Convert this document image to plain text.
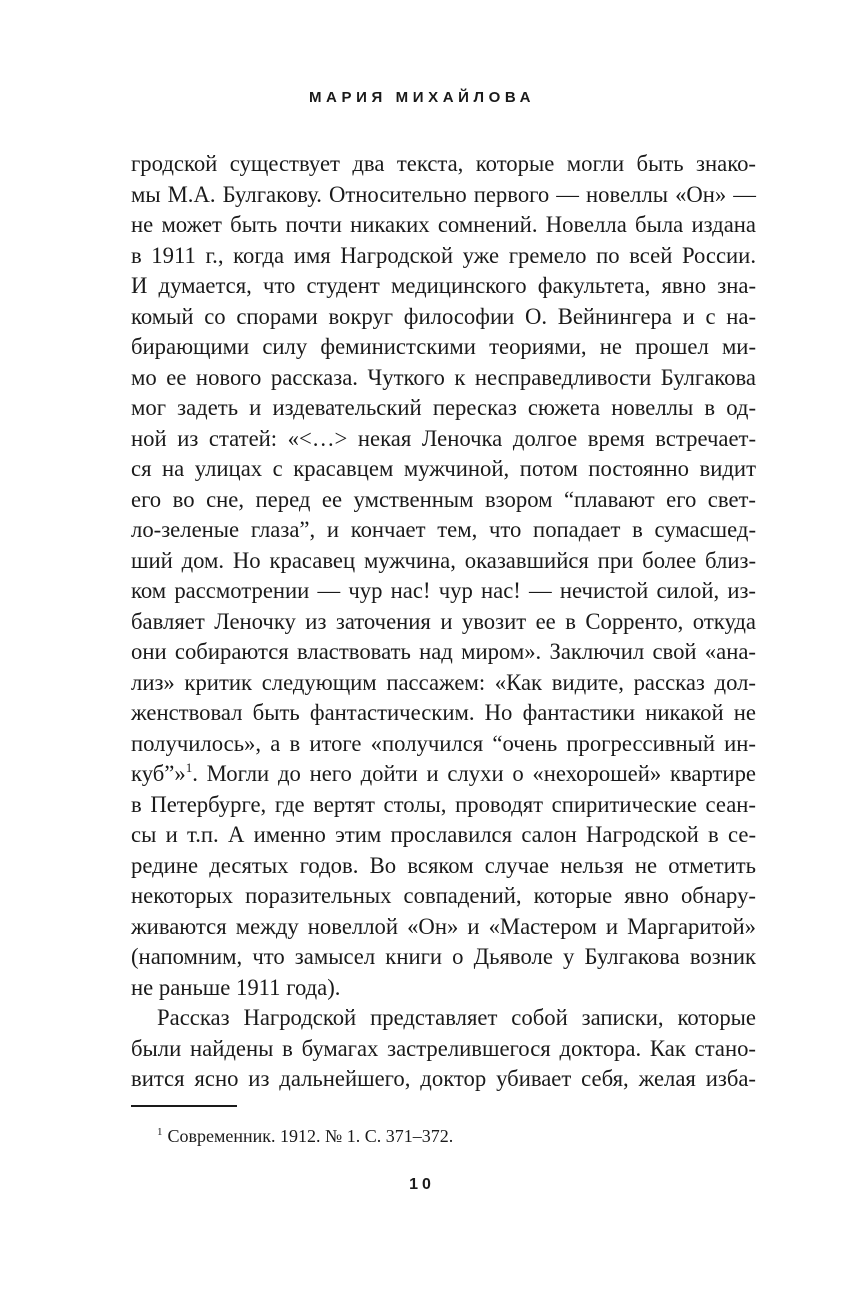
МАРИЯ МИХАЙЛОВА
гродской существует два текста, которые могли быть знако-
мы М.А. Булгакову. Относительно первого — новеллы «Он» —
не может быть почти никаких сомнений. Новелла была издана
в 1911 г., когда имя Нагродской уже гремело по всей России.
И думается, что студент медицинского факультета, явно зна-
комый со спорами вокруг философии О. Вейнингера и с на-
бирающими силу феминистскими теориями, не прошел ми-
мо ее нового рассказа. Чуткого к несправедливости Булгакова
мог задеть и издевательский пересказ сюжета новеллы в од-
ной из статей: «<…> некая Леночка долгое время встречает-
ся на улицах с красавцем мужчиной, потом постоянно видит
его во сне, перед ее умственным взором “плавают его свет-
ло-зеленые глаза”, и кончает тем, что попадает в сумасшед-
ший дом. Но красавец мужчина, оказавшийся при более близ-
ком рассмотрении — чур нас! чур нас! — нечистой силой, из-
бавляет Леночку из заточения и увозит ее в Сорренто, откуда
они собираются властвовать над миром». Заключил свой «ана-
лиз» критик следующим пассажем: «Как видите, рассказ дол-
женствовал быть фантастическим. Но фантастики никакой не
получилось», а в итоге «получился “очень прогрессивный ин-
куб”»$^1$. Могли до него дойти и слухи о «нехорошей» квартире
в Петербурге, где вертят столы, проводят спиритические сеан-
сы и т.п. А именно этим прославился салон Нагродской в се-
редине десятых годов. Во всяком случае нельзя не отметить
некоторых поразительных совпадений, которые явно обнару-
живаются между новеллой «Он» и «Мастером и Маргаритой»
(напомним, что замысел книги о Дьяволе у Булгакова возник
не раньше 1911 года).
Рассказ Нагродской представляет собой записки, которые
были найдены в бумагах застрелившегося доктора. Как стано-
вится ясно из дальнейшего, доктор убивает себя, желая изба-
$^1$ Современник. 1912. № 1. С. 371–372.
10
